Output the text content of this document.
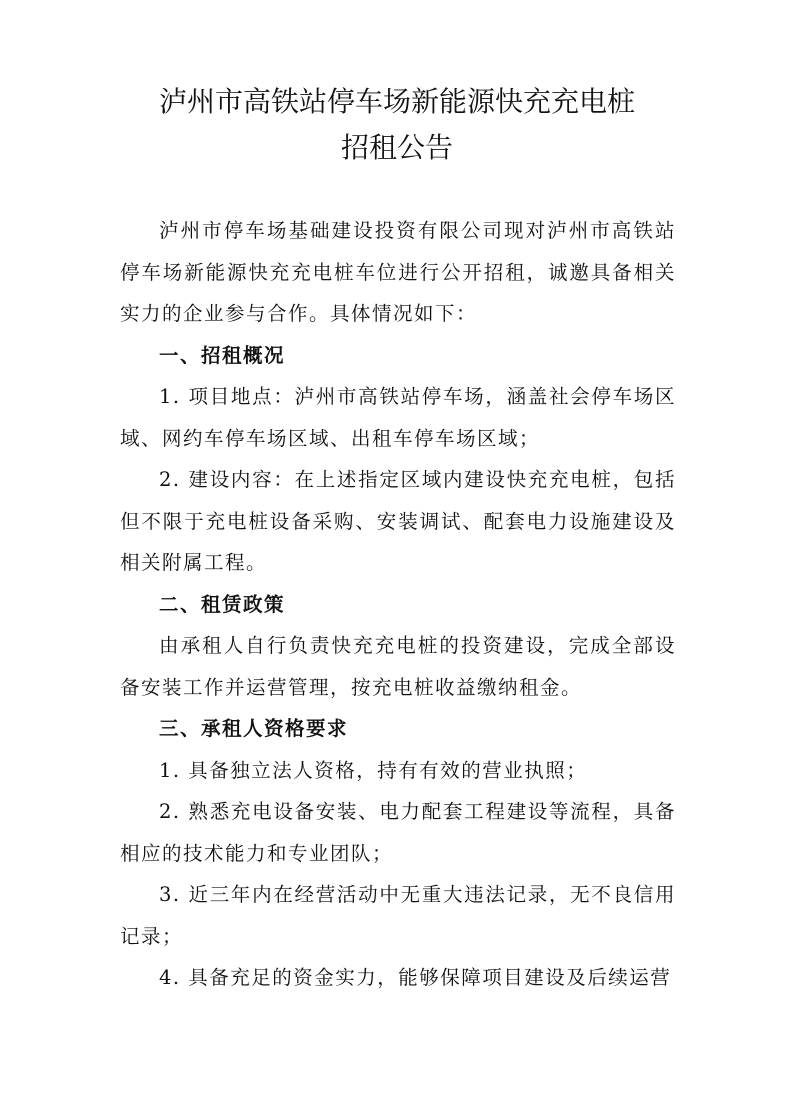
泸州市高铁站停车场新能源快充充电桩
招租公告

泸州市停车场基础建设投资有限公司现对泸州市高铁站停车场新能源快充充电桩车位进行公开招租，诚邀具备相关实力的企业参与合作。具体情况如下：

一、招租概况

1. 项目地点：泸州市高铁站停车场，涵盖社会停车场区域、网约车停车场区域、出租车停车场区域；

2. 建设内容：在上述指定区域内建设快充充电桩，包括但不限于充电桩设备采购、安装调试、配套电力设施建设及相关附属工程。

二、租赁政策

由承租人自行负责快充充电桩的投资建设，完成全部设备安装工作并运营管理，按充电桩收益缴纳租金。

三、承租人资格要求

1. 具备独立法人资格，持有有效的营业执照；

2. 熟悉充电设备安装、电力配套工程建设等流程，具备相应的技术能力和专业团队；

3. 近三年内在经营活动中无重大违法记录，无不良信用记录；

4. 具备充足的资金实力，能够保障项目建设及后续运营
